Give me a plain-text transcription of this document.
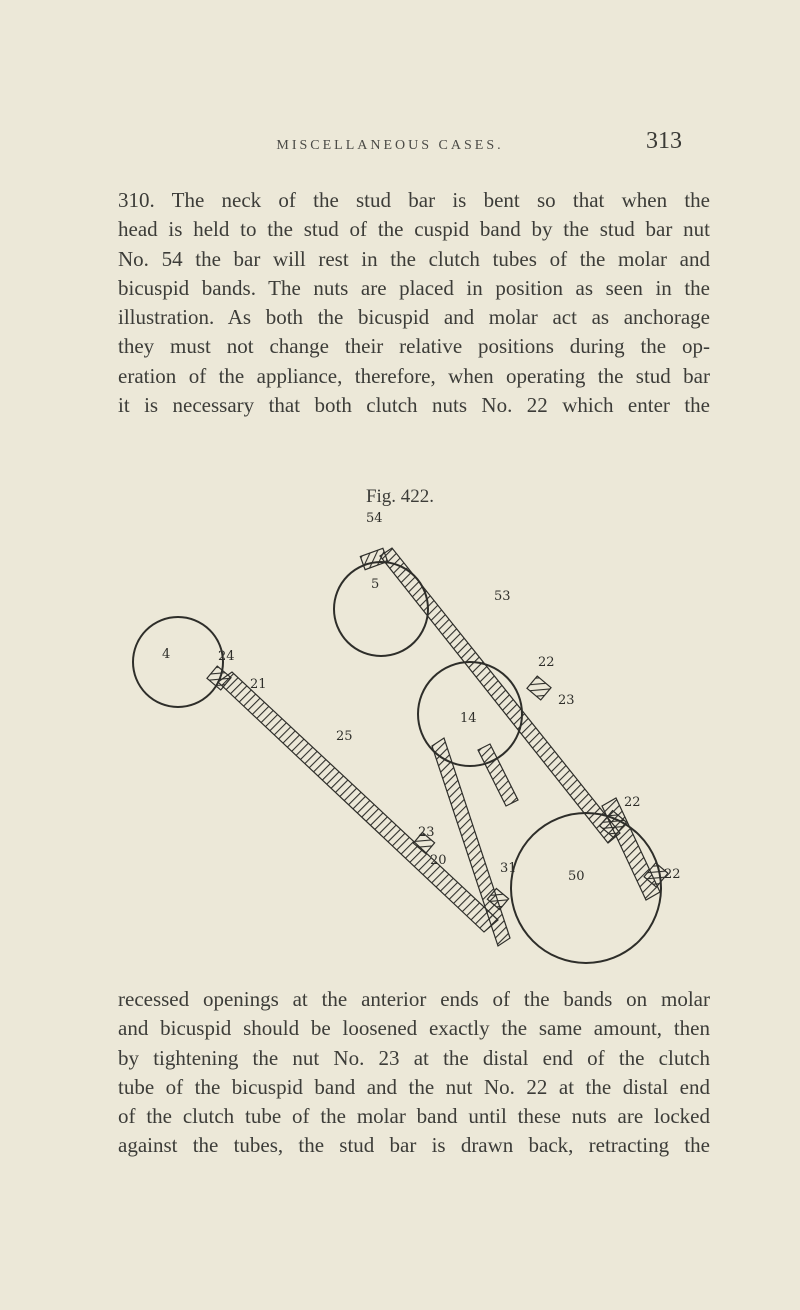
MISCELLANEOUS CASES.	313
310. The neck of the stud bar is bent so that when the
head is held to the stud of the cuspid band by the stud bar nut
No. 54 the bar will rest in the clutch tubes of the molar and
bicuspid bands. The nuts are placed in position as seen in the
illustration. As both the bicuspid and molar act as anchorage
they must not change their relative positions during the op-
eration of the appliance, therefore, when operating the stud bar
it is necessary that both clutch nuts No. 22 which enter the
Fig. 422.
54
5
53
4	24
21
22
23
14
25
23
20
31
50
22
22
recessed openings at the anterior ends of the bands on molar
and bicuspid should be loosened exactly the same amount, then
by tightening the nut No. 23 at the distal end of the clutch
tube of the bicuspid band and the nut No. 22 at the distal end
of the clutch tube of the molar band until these nuts are locked
against the tubes, the stud bar is drawn back, retracting the
